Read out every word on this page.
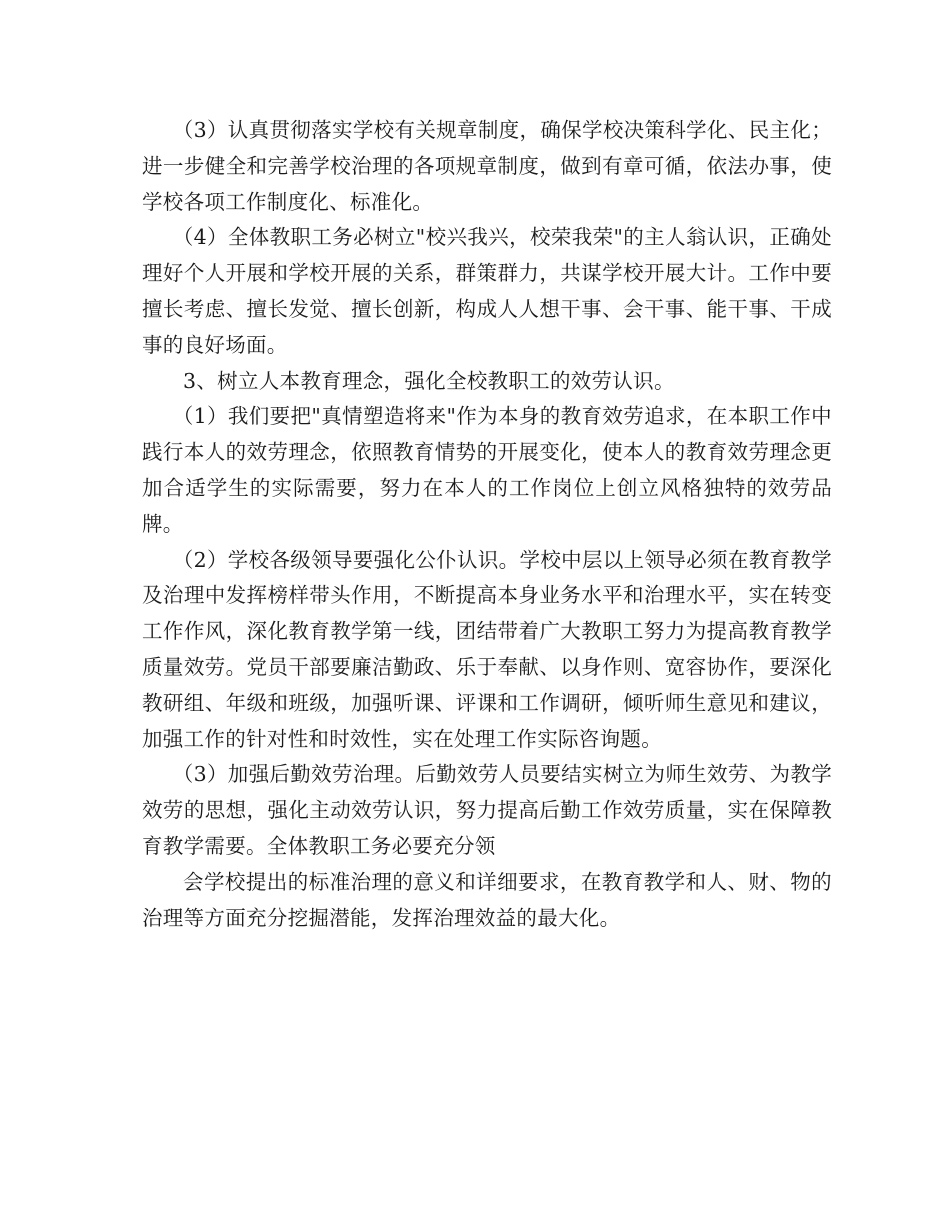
（3）认真贯彻落实学校有关规章制度，确保学校决策科学化、民主化；进一步健全和完善学校治理的各项规章制度，做到有章可循，依法办事，使学校各项工作制度化、标准化。

（4）全体教职工务必树立"校兴我兴，校荣我荣"的主人翁认识，正确处理好个人开展和学校开展的关系，群策群力，共谋学校开展大计。工作中要擅长考虑、擅长发觉、擅长创新，构成人人想干事、会干事、能干事、干成事的良好场面。

3、树立人本教育理念，强化全校教职工的效劳认识。

（1）我们要把"真情塑造将来"作为本身的教育效劳追求，在本职工作中践行本人的效劳理念，依照教育情势的开展变化，使本人的教育效劳理念更加合适学生的实际需要，努力在本人的工作岗位上创立风格独特的效劳品牌。

（2）学校各级领导要强化公仆认识。学校中层以上领导必须在教育教学及治理中发挥榜样带头作用，不断提高本身业务水平和治理水平，实在转变工作作风，深化教育教学第一线，团结带着广大教职工努力为提高教育教学质量效劳。党员干部要廉洁勤政、乐于奉献、以身作则、宽容协作，要深化教研组、年级和班级，加强听课、评课和工作调研，倾听师生意见和建议，加强工作的针对性和时效性，实在处理工作实际咨询题。

（3）加强后勤效劳治理。后勤效劳人员要结实树立为师生效劳、为教学效劳的思想，强化主动效劳认识，努力提高后勤工作效劳质量，实在保障教育教学需要。全体教职工务必要充分领

会学校提出的标准治理的意义和详细要求，在教育教学和人、财、物的治理等方面充分挖掘潜能，发挥治理效益的最大化。
